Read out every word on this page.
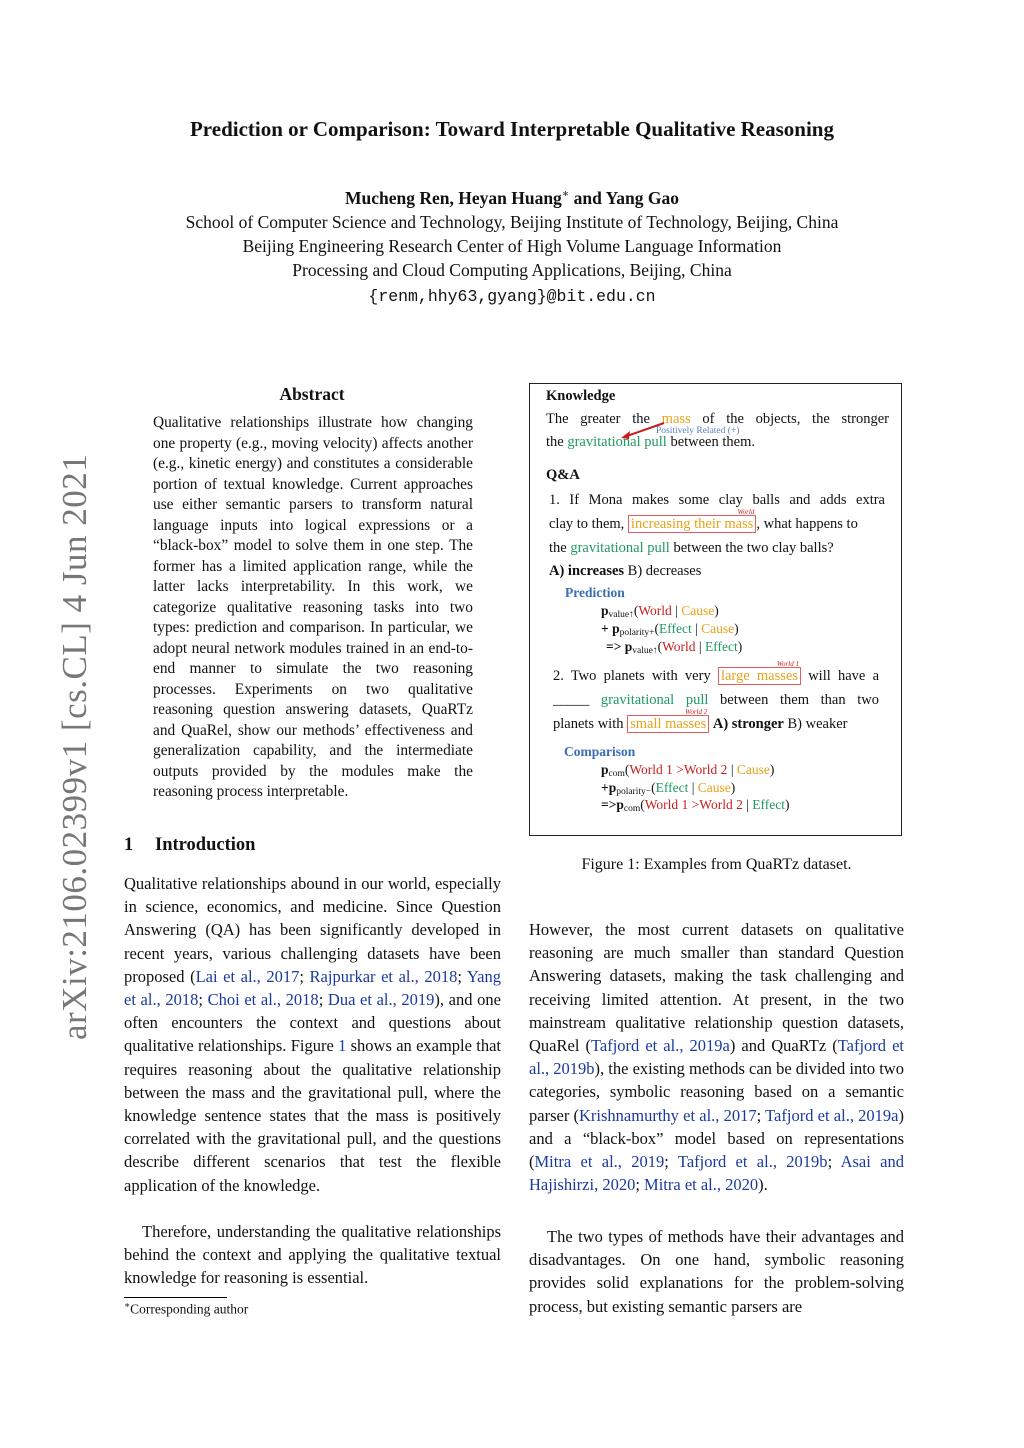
Prediction or Comparison: Toward Interpretable Qualitative Reasoning
Mucheng Ren, Heyan Huang∗ and Yang Gao
School of Computer Science and Technology, Beijing Institute of Technology, Beijing, China
Beijing Engineering Research Center of High Volume Language Information
Processing and Cloud Computing Applications, Beijing, China
{renm,hhy63,gyang}@bit.edu.cn
arXiv:2106.02399v1 [cs.CL] 4 Jun 2021
Abstract
Qualitative relationships illustrate how changing one property (e.g., moving velocity) affects another (e.g., kinetic energy) and constitutes a considerable portion of textual knowledge. Current approaches use either semantic parsers to transform natural language inputs into logical expressions or a “black-box” model to solve them in one step. The former has a limited application range, while the latter lacks interpretability. In this work, we categorize qualitative reasoning tasks into two types: prediction and comparison. In particular, we adopt neural network modules trained in an end-to-end manner to simulate the two reasoning processes. Experiments on two qualitative reasoning question answering datasets, QuaRTz and QuaRel, show our methods’ effectiveness and generalization capability, and the intermediate outputs provided by the modules make the reasoning process interpretable.
1 Introduction
Qualitative relationships abound in our world, especially in science, economics, and medicine. Since Question Answering (QA) has been significantly developed in recent years, various challenging datasets have been proposed (Lai et al., 2017; Rajpurkar et al., 2018; Yang et al., 2018; Choi et al., 2018; Dua et al., 2019), and one often encounters the context and questions about qualitative relationships. Figure 1 shows an example that requires reasoning about the qualitative relationship between the mass and the gravitational pull, where the knowledge sentence states that the mass is positively correlated with the gravitational pull, and the questions describe different scenarios that test the flexible application of the knowledge.
Therefore, understanding the qualitative relationships behind the context and applying the qualitative textual knowledge for reasoning is essential.
∗Corresponding author
Knowledge
The greater the mass of the objects, the stronger
Positively Related (+)
the gravitational pull between them.
Q&A
1. If Mona makes some clay balls and adds extra
clay to them, increasing their mass
World
, what happens to
the gravitational pull between the two clay balls?
A) increases B) decreases
Prediction
$p_{value↑}(World$ | Cause)
+ $p_{polarity+}(Effect$ | Cause)
=> $p_{value↑}(World$ | Effect)
2. Two planets with very large masses
World 1
will have a
_____ gravitational pull between them than two
planets with small masses
World 2
A) stronger B) weaker
Comparison
$p_{com}(World$ 1 >World 2 | Cause)
$+p_{polarity-}(Effect$ | Cause)
$=>p_{com}(World$ 1 >World 2 | Effect)
Figure 1: Examples from QuaRTz dataset.
However, the most current datasets on qualitative reasoning are much smaller than standard Question Answering datasets, making the task challenging and receiving limited attention. At present, in the two mainstream qualitative relationship question datasets, QuaRel (Tafjord et al., 2019a) and QuaRTz (Tafjord et al., 2019b), the existing methods can be divided into two categories, symbolic reasoning based on a semantic parser (Krishnamurthy et al., 2017; Tafjord et al., 2019a) and a “black-box” model based on representations (Mitra et al., 2019; Tafjord et al., 2019b; Asai and Hajishirzi, 2020; Mitra et al., 2020).
The two types of methods have their advantages and disadvantages. On one hand, symbolic reasoning provides solid explanations for the problem-solving process, but existing semantic parsers are
